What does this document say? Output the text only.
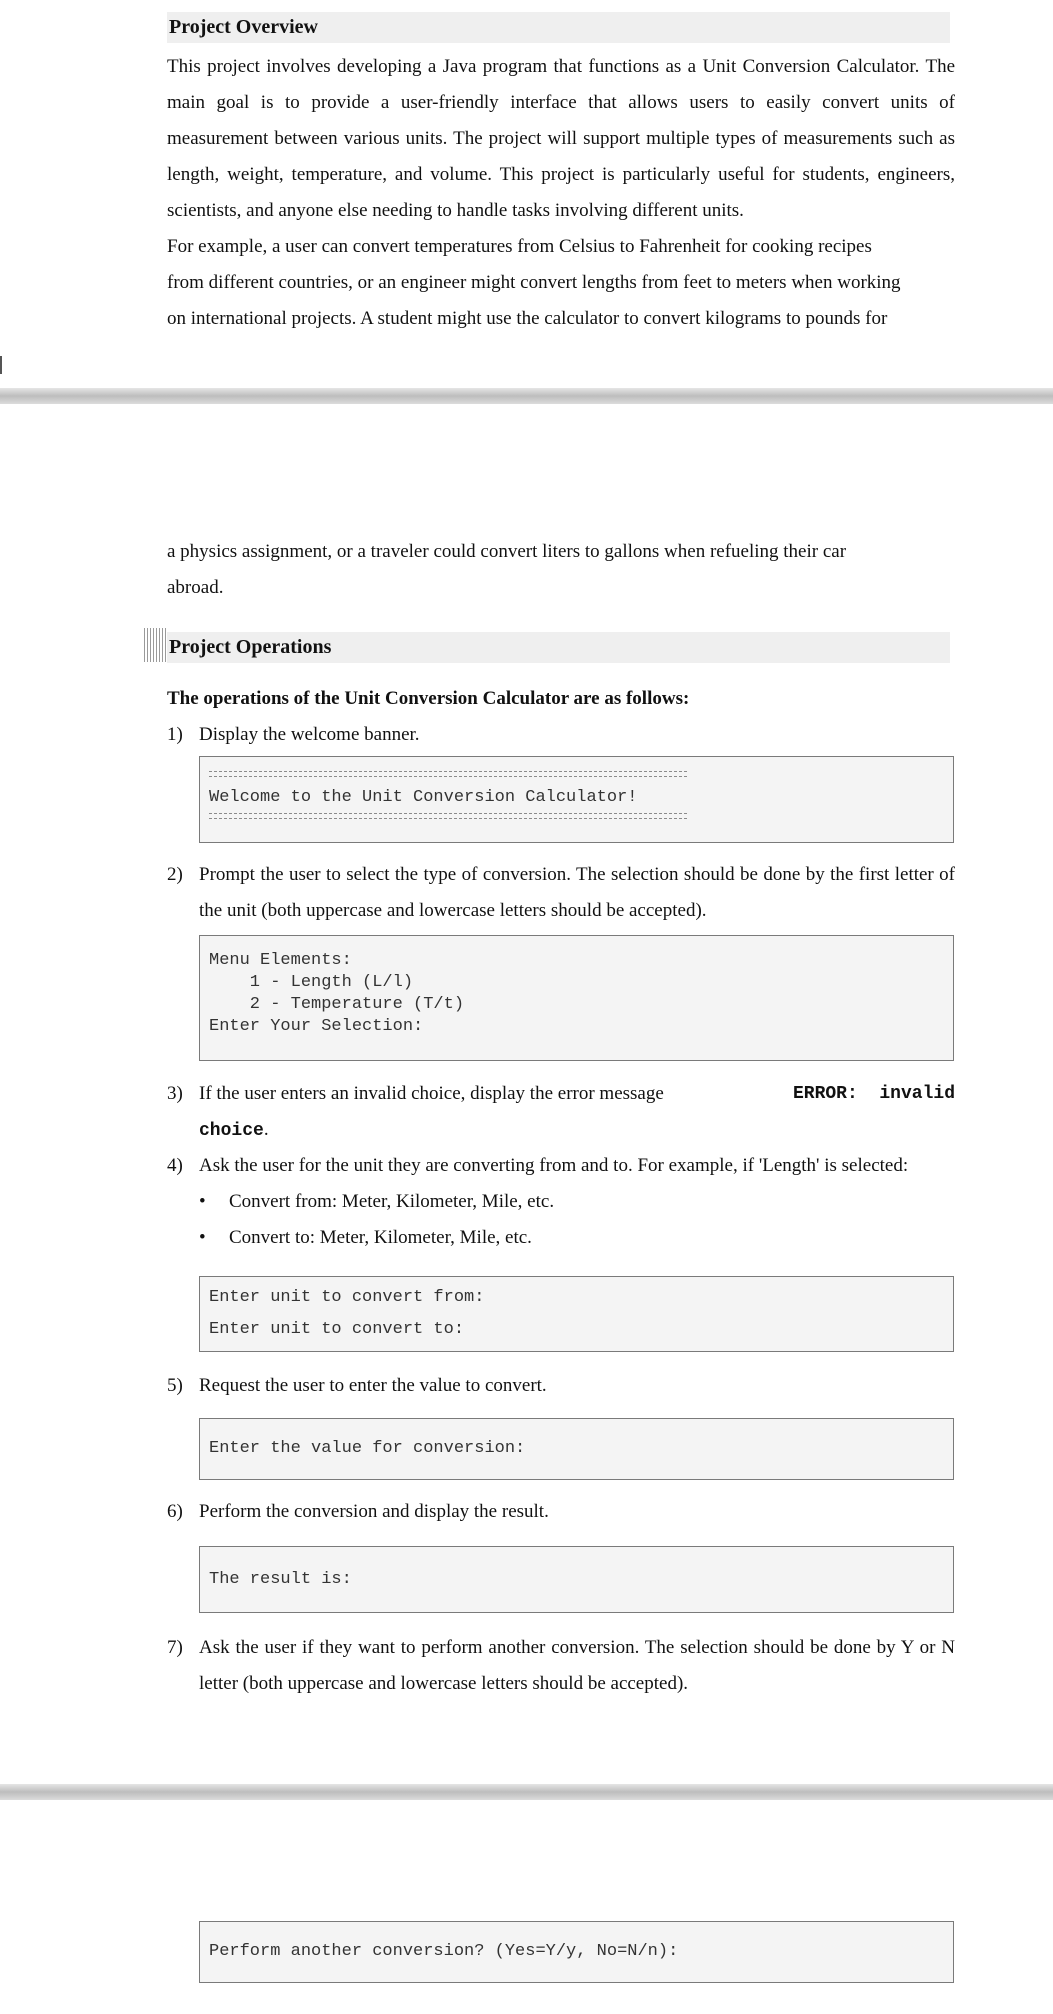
Project Overview
This project involves developing a Java program that functions as a Unit Conversion Calculator. The main goal is to provide a user-friendly interface that allows users to easily convert units of measurement between various units. The project will support multiple types of measurements such as length, weight, temperature, and volume. This project is particularly useful for students, engineers, scientists, and anyone else needing to handle tasks involving different units.
For example, a user can convert temperatures from Celsius to Fahrenheit for cooking recipes
from different countries, or an engineer might convert lengths from feet to meters when working
on international projects. A student might use the calculator to convert kilograms to pounds for
a physics assignment, or a traveler could convert liters to gallons when refueling their car
abroad.
Project Operations
The operations of the Unit Conversion Calculator are as follows:
1) Display the welcome banner.
Welcome to the Unit Conversion Calculator!
2) Prompt the user to select the type of conversion. The selection should be done by the first letter of the unit (both uppercase and lowercase letters should be accepted).
Menu Elements:
1 - Length (L/l)
2 - Temperature (T/t)
Enter Your Selection:
3) If the user enters an invalid choice, display the error message	ERROR:  invalid
choice.
4) Ask the user for the unit they are converting from and to. For example, if 'Length' is selected:
• Convert from: Meter, Kilometer, Mile, etc.
• Convert to: Meter, Kilometer, Mile, etc.
Enter unit to convert from:
Enter unit to convert to:
5) Request the user to enter the value to convert.
Enter the value for conversion:
6) Perform the conversion and display the result.
The result is:
7) Ask the user if they want to perform another conversion. The selection should be done by Y or N letter (both uppercase and lowercase letters should be accepted).
Perform another conversion? (Yes=Y/y, No=N/n):
